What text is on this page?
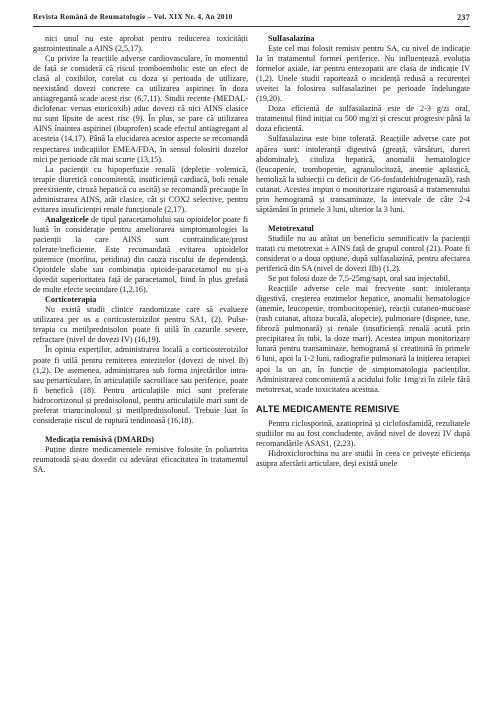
Revista Română de Reumatologie – Vol. XIX Nr. 4, An 2010	237

nici unul nu este aprobat pentru reducerea toxicității gastrointestinale a AINS (2,5,17).

Cu privire la reacțiile adverse cardiovasculare, în momentul de față se consideră că riscul tromboembolic este un efect de clasă al coxibilor, corelat cu doza și perioada de utilizare, neexistând dovezi concrete ca utilizarea aspirinei în doza antiagregantă scade acest risc (6,7,11). Studii recente (MEDAL-diclofenac versus etoricoxib) aduc dovezi că nici AINS clasice nu sunt lipsite de acest risc (9). În plus, se pare că utilizarea AINS înaintea aspirinei (ibuprofen) scade efectul antiagregant al acesteia (14,17). Până la elucidarea acestor aspecte se recomandă respectarea indicațiilor EMEA/FDA, în sensul folosirii dozelor mici pe perioade cât mai scurte (13,15).

La pacienții cu hipoperfuzie renală (depleție volemică, terapie diuretică concomitentă, insuficiență cardiacă, boli renale preexistente, ciroză hepatică cu ascită) se recomandă precauție în administrarea AINS, atât clasice, cât și COX2 selective, pentru evitarea insuficienței renale funcționale (2,17).

Analgezicele de tipul paracetamolului sau opioidelor poate fi luată în considerație pentru ameliorarea simptomatologiei la pacienții la care AINS sunt contraindicate/prost tolerate/ineficiente. Este recomandată evitarea opioidelor puternice (morfina, petidina) din cauza riscului de dependență. Opioidele slabe sau combinația opioide-paracetamol nu și-a dovedit superioritatea față de paracetamol, fiind în plus grefată de multe efecte secundare (1,2,16).

Corticoterapia

Nu există studii clinice randomizate care să evalueze utilizarea per os a corticosteroizilor pentru SA1, (2). Pulse-terapia cu metilprednisolon poate fi utilă în cazurile severe, refractare (nivel de dovezi IV) (16,19).

În opinia experților, administrarea locală a corticosteroizilor poate fi utilă pentru remiterea entezitelor (dovezi de nivel Ib) (1,2). De asemenea, administrarea sub forma injectărilor intra- sau periarticulare, în articulațiile sacroiliace sau periferice, poate fi benefică (18). Pentru articulațiile mici sunt preferate hidrocortizonul și prednisolonul, pentru articulațiile mari sunt de preferat triamcinolonul și metilprednisolonul. Trebuie luat în considerație riscul de ruptură tendinoasă (16,18).

Medicația remisivă (DMARDs)

Puține dintre medicamentele remisive folosite în poliartrita reumatoidă și-au dovedit cu adevărat eficacitatea în tratamentul SA.

Sulfasalazina

Este cel mai folosit remisiv pentru SA, cu nivel de indicație Ia în tratamentul formei periferice. Nu influențează evoluția formelor axiale, iar pentru entezopatii are clasa de indicație IV (1,2). Unele studii raportează o incidență redusă a recurenței uveitei la folosirea sulfasalazinei pe perioade îndelungate (19,20).

Doza eficientă de sulfasalazină este de 2-3 g/zi oral, tratamentul fiind inițiat cu 500 mg/zi și crescut progresiv până la doza eficientă.

Sulfasalazina este bine tolerată. Reacțiile adverse care pot apărea sunt: intoleranță digestivă (greață, vărsături, dureri abdominale), citoliza hepatică, anomalii hematologice (leucopenie, trombopenie, agranulocitoză, anemie aplastică, hemoliză la subiecții cu deficit de G6-fosfatdehidrogenază), rash cutanat. Acestea impun o monitorizare riguroasă a tratamentului prin hemogramă și transaminaze, la intervale de câte 2-4 săptămâni în primele 3 luni, ulterior la 3 luni.

Metotrexatul

Studiile nu au arătat un beneficiu semnificativ la pacienții tratați cu metotrexat ± AINS față de grupul control (21). Poate fi considerat o a doua opțiune, după sulfasalazină, pentru afectarea periferică din SA (nivel de dovezi IIb) (1,2).

Se pot folosi doze de 7,5-25mg/sapt, oral sau injectabil.

Reacțiile adverse cele mai frecvente sunt: intoleranța digestivă, creșterea enzimelor hepatice, anomalii hematologice (anemie, leucopenie, trombocitopenie), reacții cutaneo-mucoase (rash cutanat, aftoza bucală, alopecie), pulmonare (dispnee, tuse, fibroză pulmonară) și renale (insuficiență renală acută prin precipitarea în tubi, la doze mari). Acestea impun monitorizare lunară pentru transaminaze, hemogramă și creatinină în primele 6 luni, apoi la 1-2 luni, radiografie pulmonară la inițierea terapiei apoi la un an, în funcție de simptomatologia pacienților. Administrarea concomitentă a acidului folic 1mg/zi în zilele fără metotrexat, scade toxicitatea acestuia.

ALTE MEDICAMENTE REMISIVE

Pentru ciclosporină, azatioprină și ciclofosfamidă, rezultatele studiilor nu au fost concludente, având nivel de dovezi IV după recomandările ASAS1, (2,23).

Hidroxiclorochina nu are studii în ceea ce privește eficiența asupra afectării articulare, deși există unele
